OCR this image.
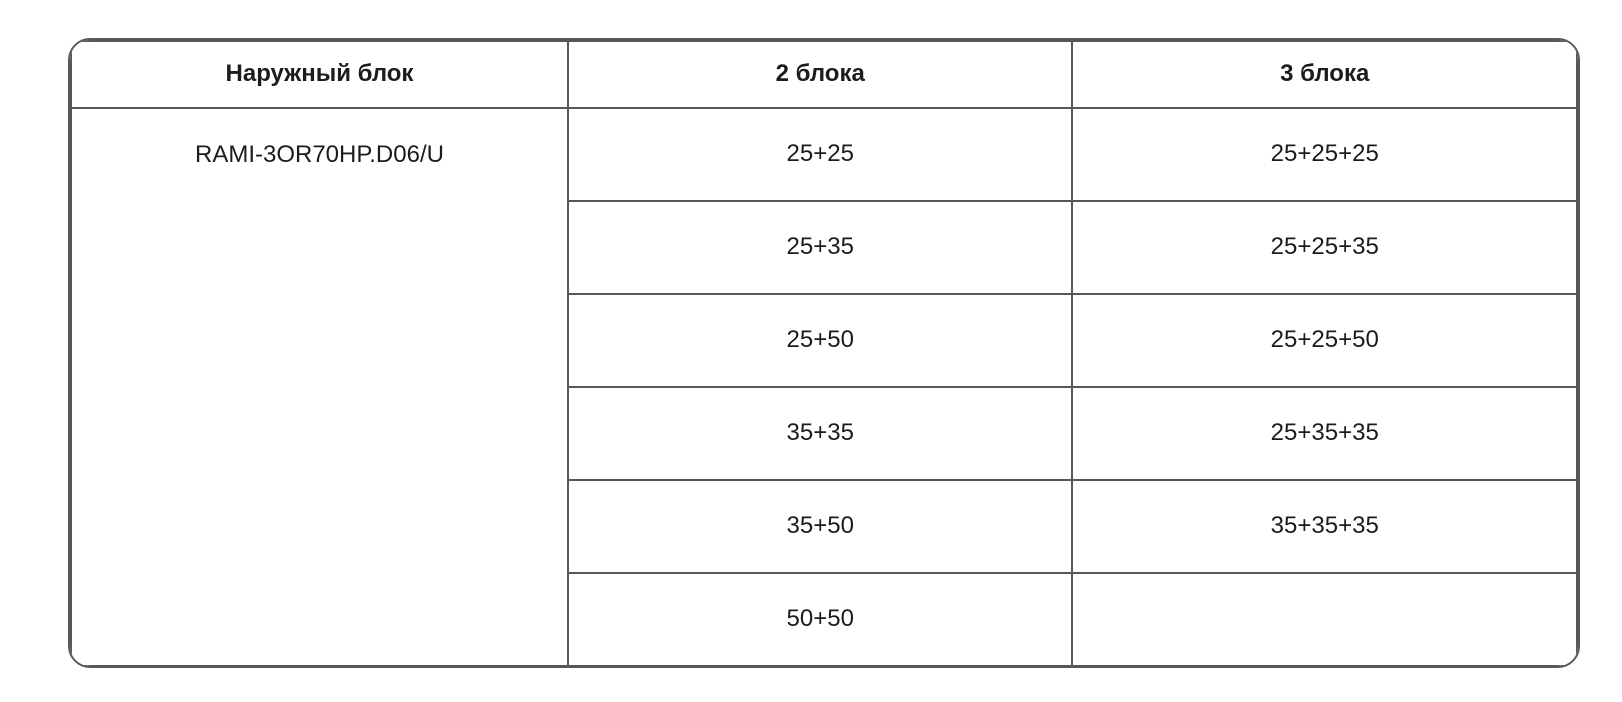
Наружный блок	2 блока	3 блока

RAMI-3OR70HP.D06/U	25+25	25+25+25
	25+35	25+25+35
	25+50	25+25+50
	35+35	25+35+35
	35+50	35+35+35
	50+50	
